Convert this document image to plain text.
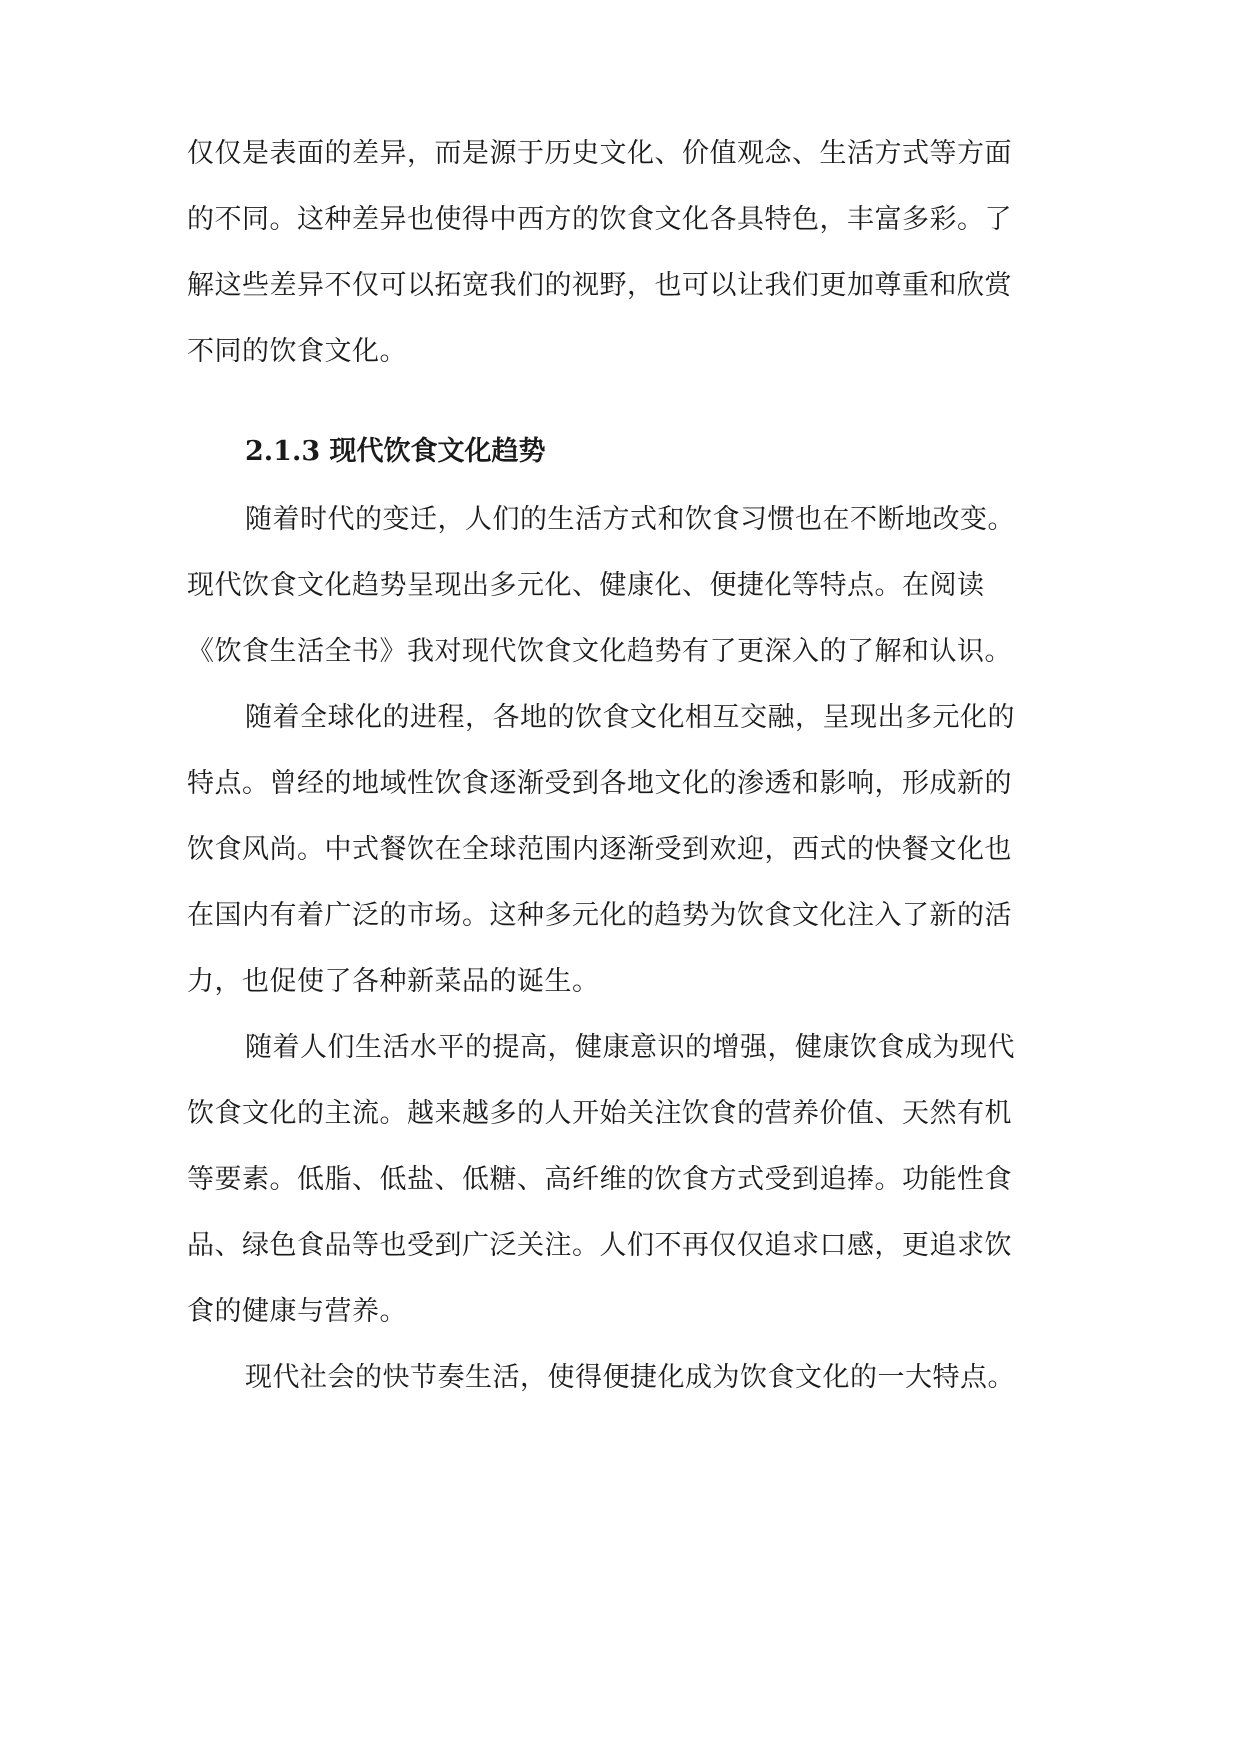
仅仅是表面的差异，而是源于历史文化、价值观念、生活方式等方面
的不同。这种差异也使得中西方的饮食文化各具特色，丰富多彩。了
解这些差异不仅可以拓宽我们的视野，也可以让我们更加尊重和欣赏
不同的饮食文化。
2.1.3 现代饮食文化趋势
随着时代的变迁，人们的生活方式和饮食习惯也在不断地改变。
现代饮食文化趋势呈现出多元化、健康化、便捷化等特点。在阅读
《饮食生活全书》我对现代饮食文化趋势有了更深入的了解和认识。
随着全球化的进程，各地的饮食文化相互交融，呈现出多元化的
特点。曾经的地域性饮食逐渐受到各地文化的渗透和影响，形成新的
饮食风尚。中式餐饮在全球范围内逐渐受到欢迎，西式的快餐文化也
在国内有着广泛的市场。这种多元化的趋势为饮食文化注入了新的活
力，也促使了各种新菜品的诞生。
随着人们生活水平的提高，健康意识的增强，健康饮食成为现代
饮食文化的主流。越来越多的人开始关注饮食的营养价值、天然有机
等要素。低脂、低盐、低糖、高纤维的饮食方式受到追捧。功能性食
品、绿色食品等也受到广泛关注。人们不再仅仅追求口感，更追求饮
食的健康与营养。
现代社会的快节奏生活，使得便捷化成为饮食文化的一大特点。
